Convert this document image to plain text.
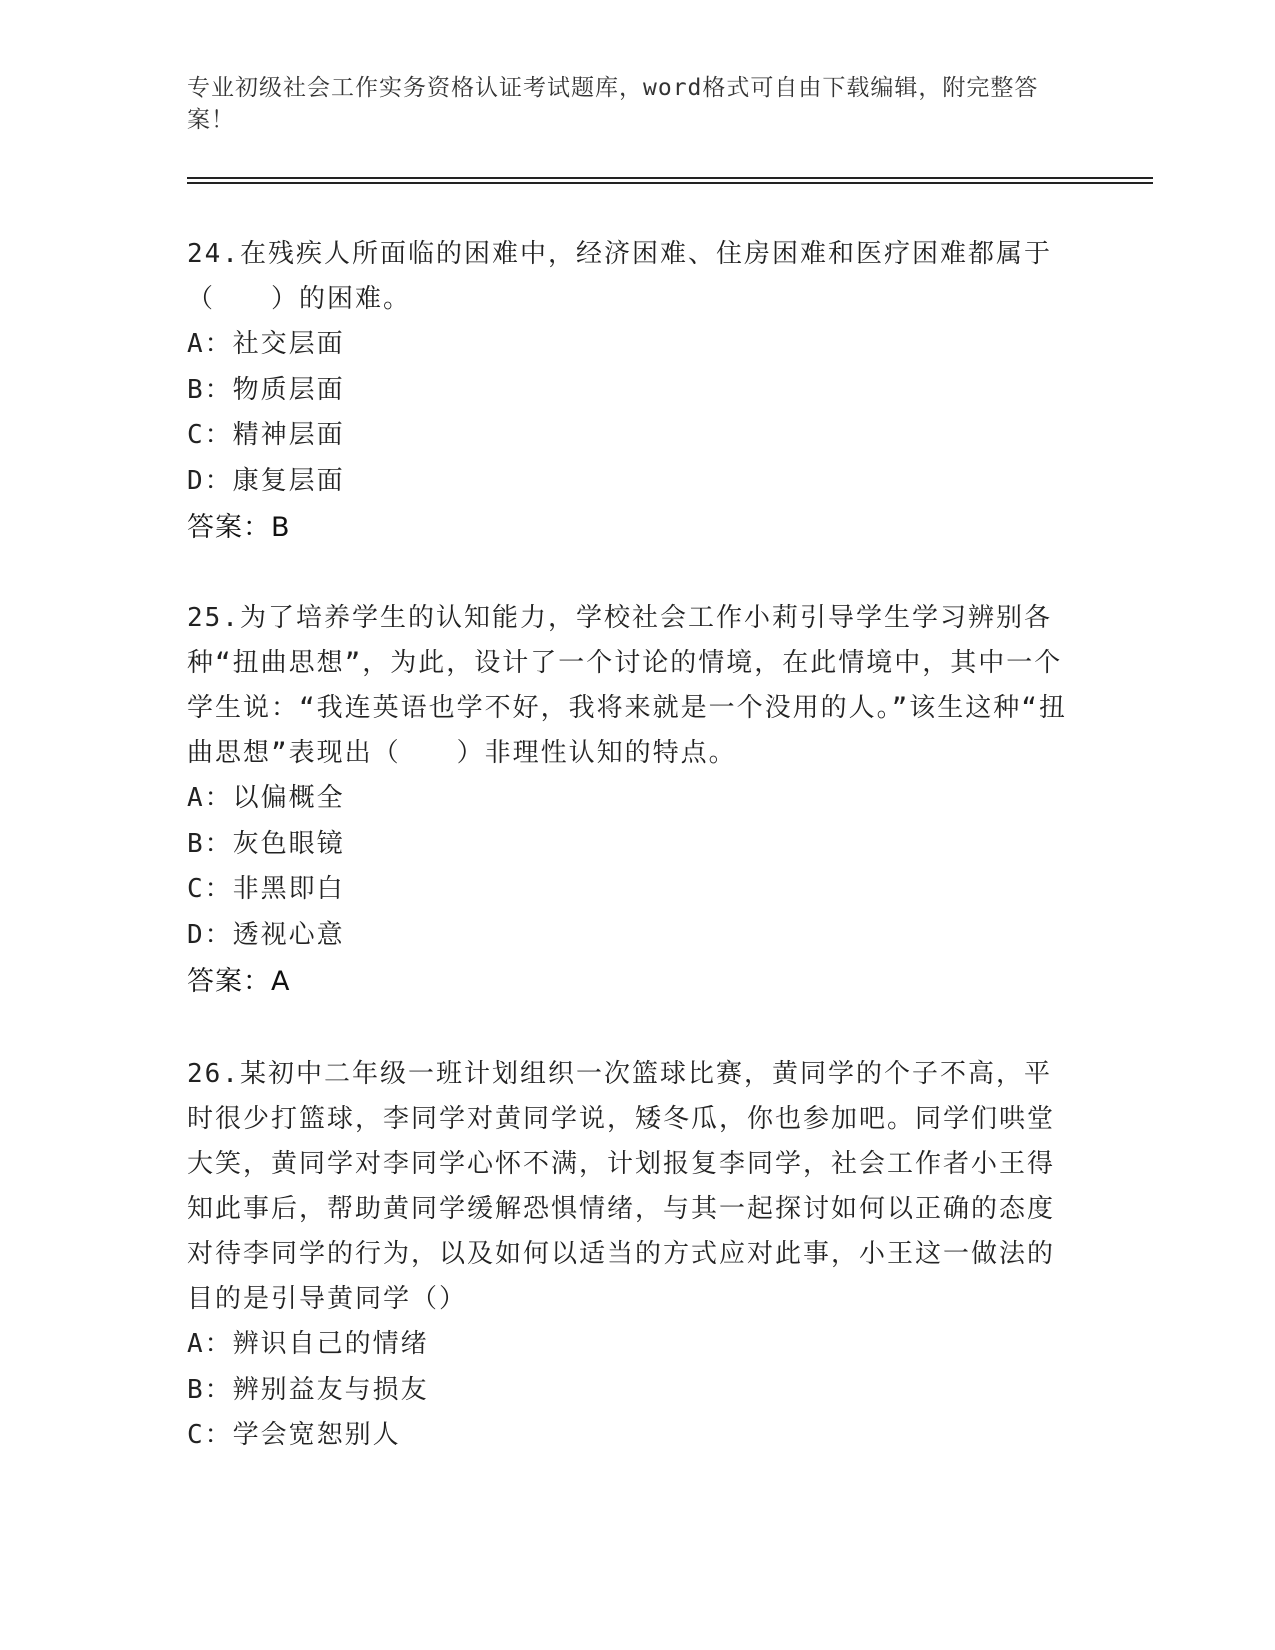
专业初级社会工作实务资格认证考试题库，word格式可自由下载编辑，附完整答案！

24.在残疾人所面临的困难中，经济困难、住房困难和医疗困难都属于（　　）的困难。

A：社交层面
B：物质层面
C：精神层面
D：康复层面
答案：B

25.为了培养学生的认知能力，学校社会工作小莉引导学生学习辨别各种“扭曲思想”，为此，设计了一个讨论的情境，在此情境中，其中一个学生说：“我连英语也学不好，我将来就是一个没用的人。”该生这种“扭曲思想”表现出（　　）非理性认知的特点。

A：以偏概全
B：灰色眼镜
C：非黑即白
D：透视心意
答案：A

26.某初中二年级一班计划组织一次篮球比赛，黄同学的个子不高，平时很少打篮球，李同学对黄同学说，矮冬瓜，你也参加吧。同学们哄堂大笑，黄同学对李同学心怀不满，计划报复李同学，社会工作者小王得知此事后，帮助黄同学缓解恐惧情绪，与其一起探讨如何以正确的态度对待李同学的行为，以及如何以适当的方式应对此事，小王这一做法的目的是引导黄同学（）

A：辨识自己的情绪
B：辨别益友与损友
C：学会宽恕别人
